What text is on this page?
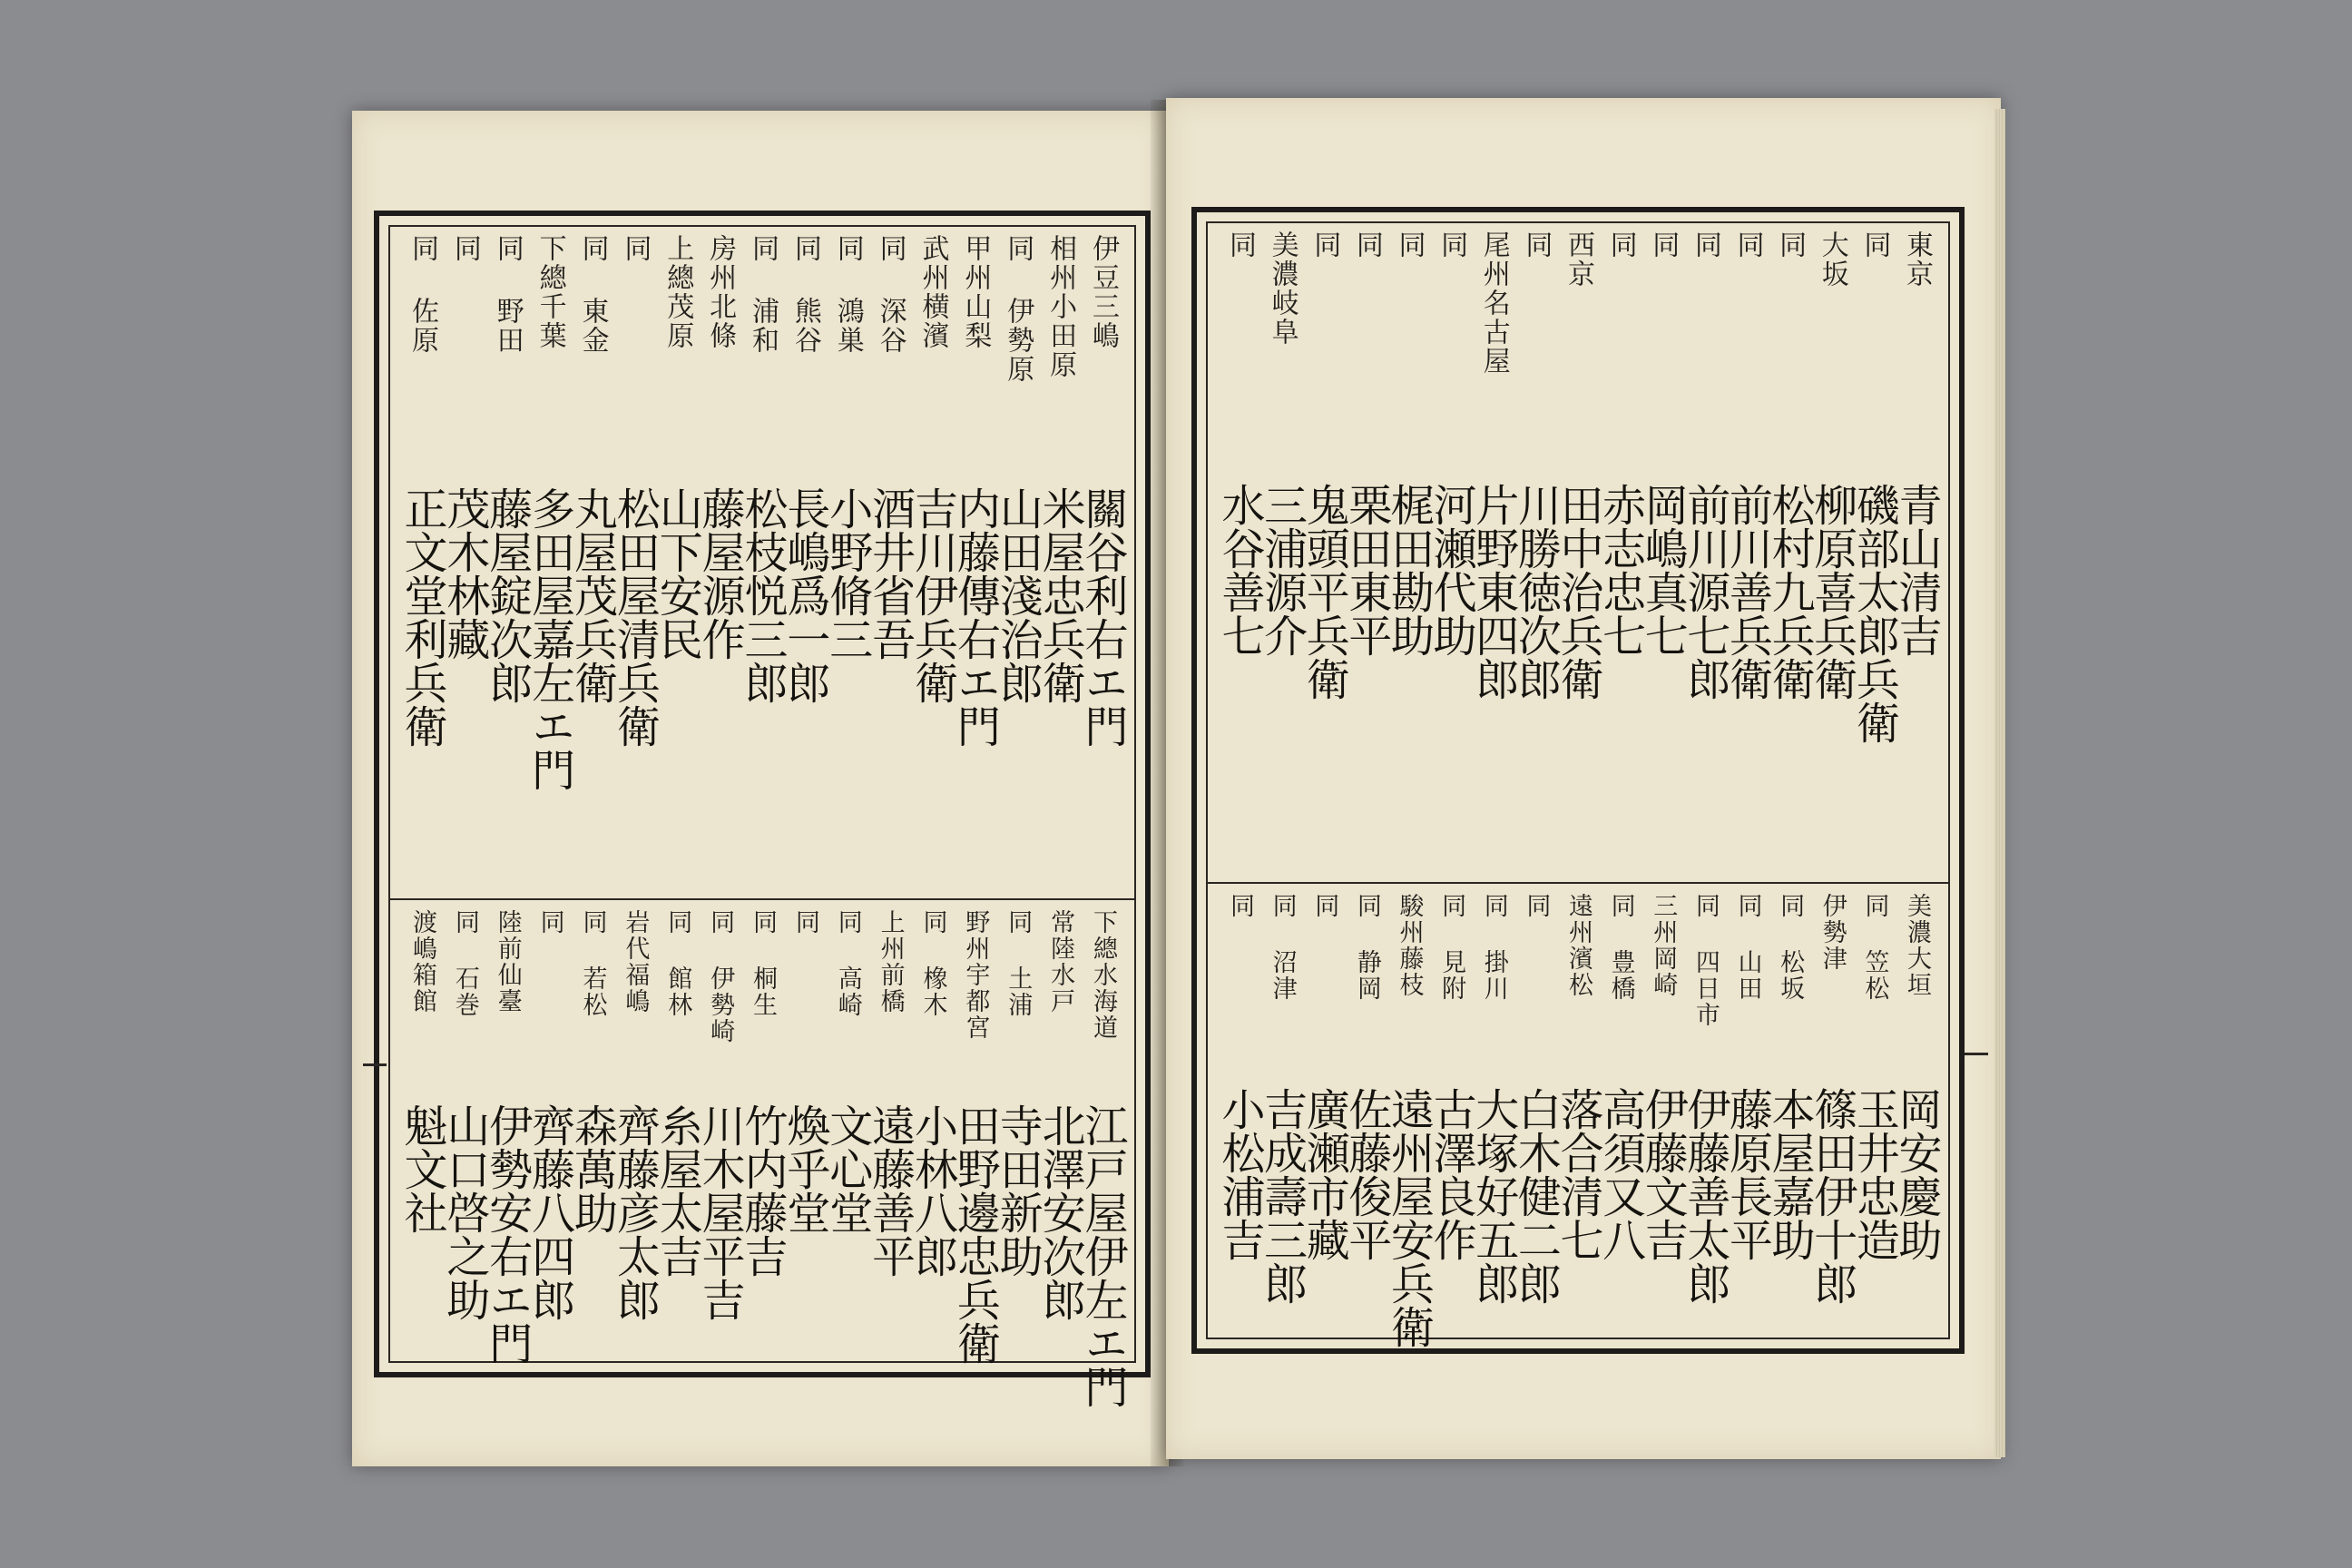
伊豆三嶋
關谷利右エ門
相州小田原
米屋忠兵衛
同 伊勢原
山田淺治郎
甲州山梨
内藤傳右エ門
武州横濱
吉川伊兵衛
同 深谷
酒井省吾
同 鴻巣
小野脩三
同 熊谷
長嶋爲一郎
同 浦和
松枝悦三郎
房州北條
藤屋源作
上總茂原
山下安民
同
松田屋清兵衛
同 東金
丸屋茂兵衛
下總千葉
多田屋嘉左エ門
同 野田
藤屋錠次郎
同
茂木林藏
同 佐原
正文堂利兵衛
下總水海道
江戸屋伊左エ門
常陸水戸
北澤安次郎
同 土浦
寺田新助
野州宇都宮
田野邊忠兵衛
同 橡木
小林八郎
上州前橋
遠藤善平
同 高崎
文心堂
同
煥乎堂
同 桐生
竹内藤吉
同 伊勢崎
川木屋平吉
同 館林
糸屋太吉
岩代福嶋
齊藤彦太郎
同 若松
森萬助
同
齊藤八四郎
陸前仙臺
伊勢安右エ門
同 石巻
山口啓之助
渡嶋箱館
魁文社
東京
青山清吉
同
磯部太郎兵衛
大坂
柳原喜兵衛
同
松村九兵衛
同
前川善兵衛
同
前川源七郎
同
岡嶋真七
同
赤志忠七
西京
田中治兵衛
同
川勝徳次郎
尾州名古屋
片野東四郎
同
河瀬代助
同
梶田勘助
同
栗田東平
同
鬼頭平兵衛
美濃岐阜
三浦源介
同
水谷善七
美濃大垣
岡安慶助
同 笠松
玉井忠造
伊勢津
篠田伊十郎
同 松坂
本屋嘉助
同 山田
藤原長平
同 四日市
伊藤善太郎
三州岡崎
伊藤文吉
同 豊橋
高須又八
遠州濱松
落合清七
同
白木健二郎
同 掛川
大塚好五郎
同 見附
古澤良作
駿州藤枝
遠州屋安兵衛
同 静岡
佐藤俊平
同
廣瀬市藏
同 沼津
吉成壽三郎
同
小松浦吉
